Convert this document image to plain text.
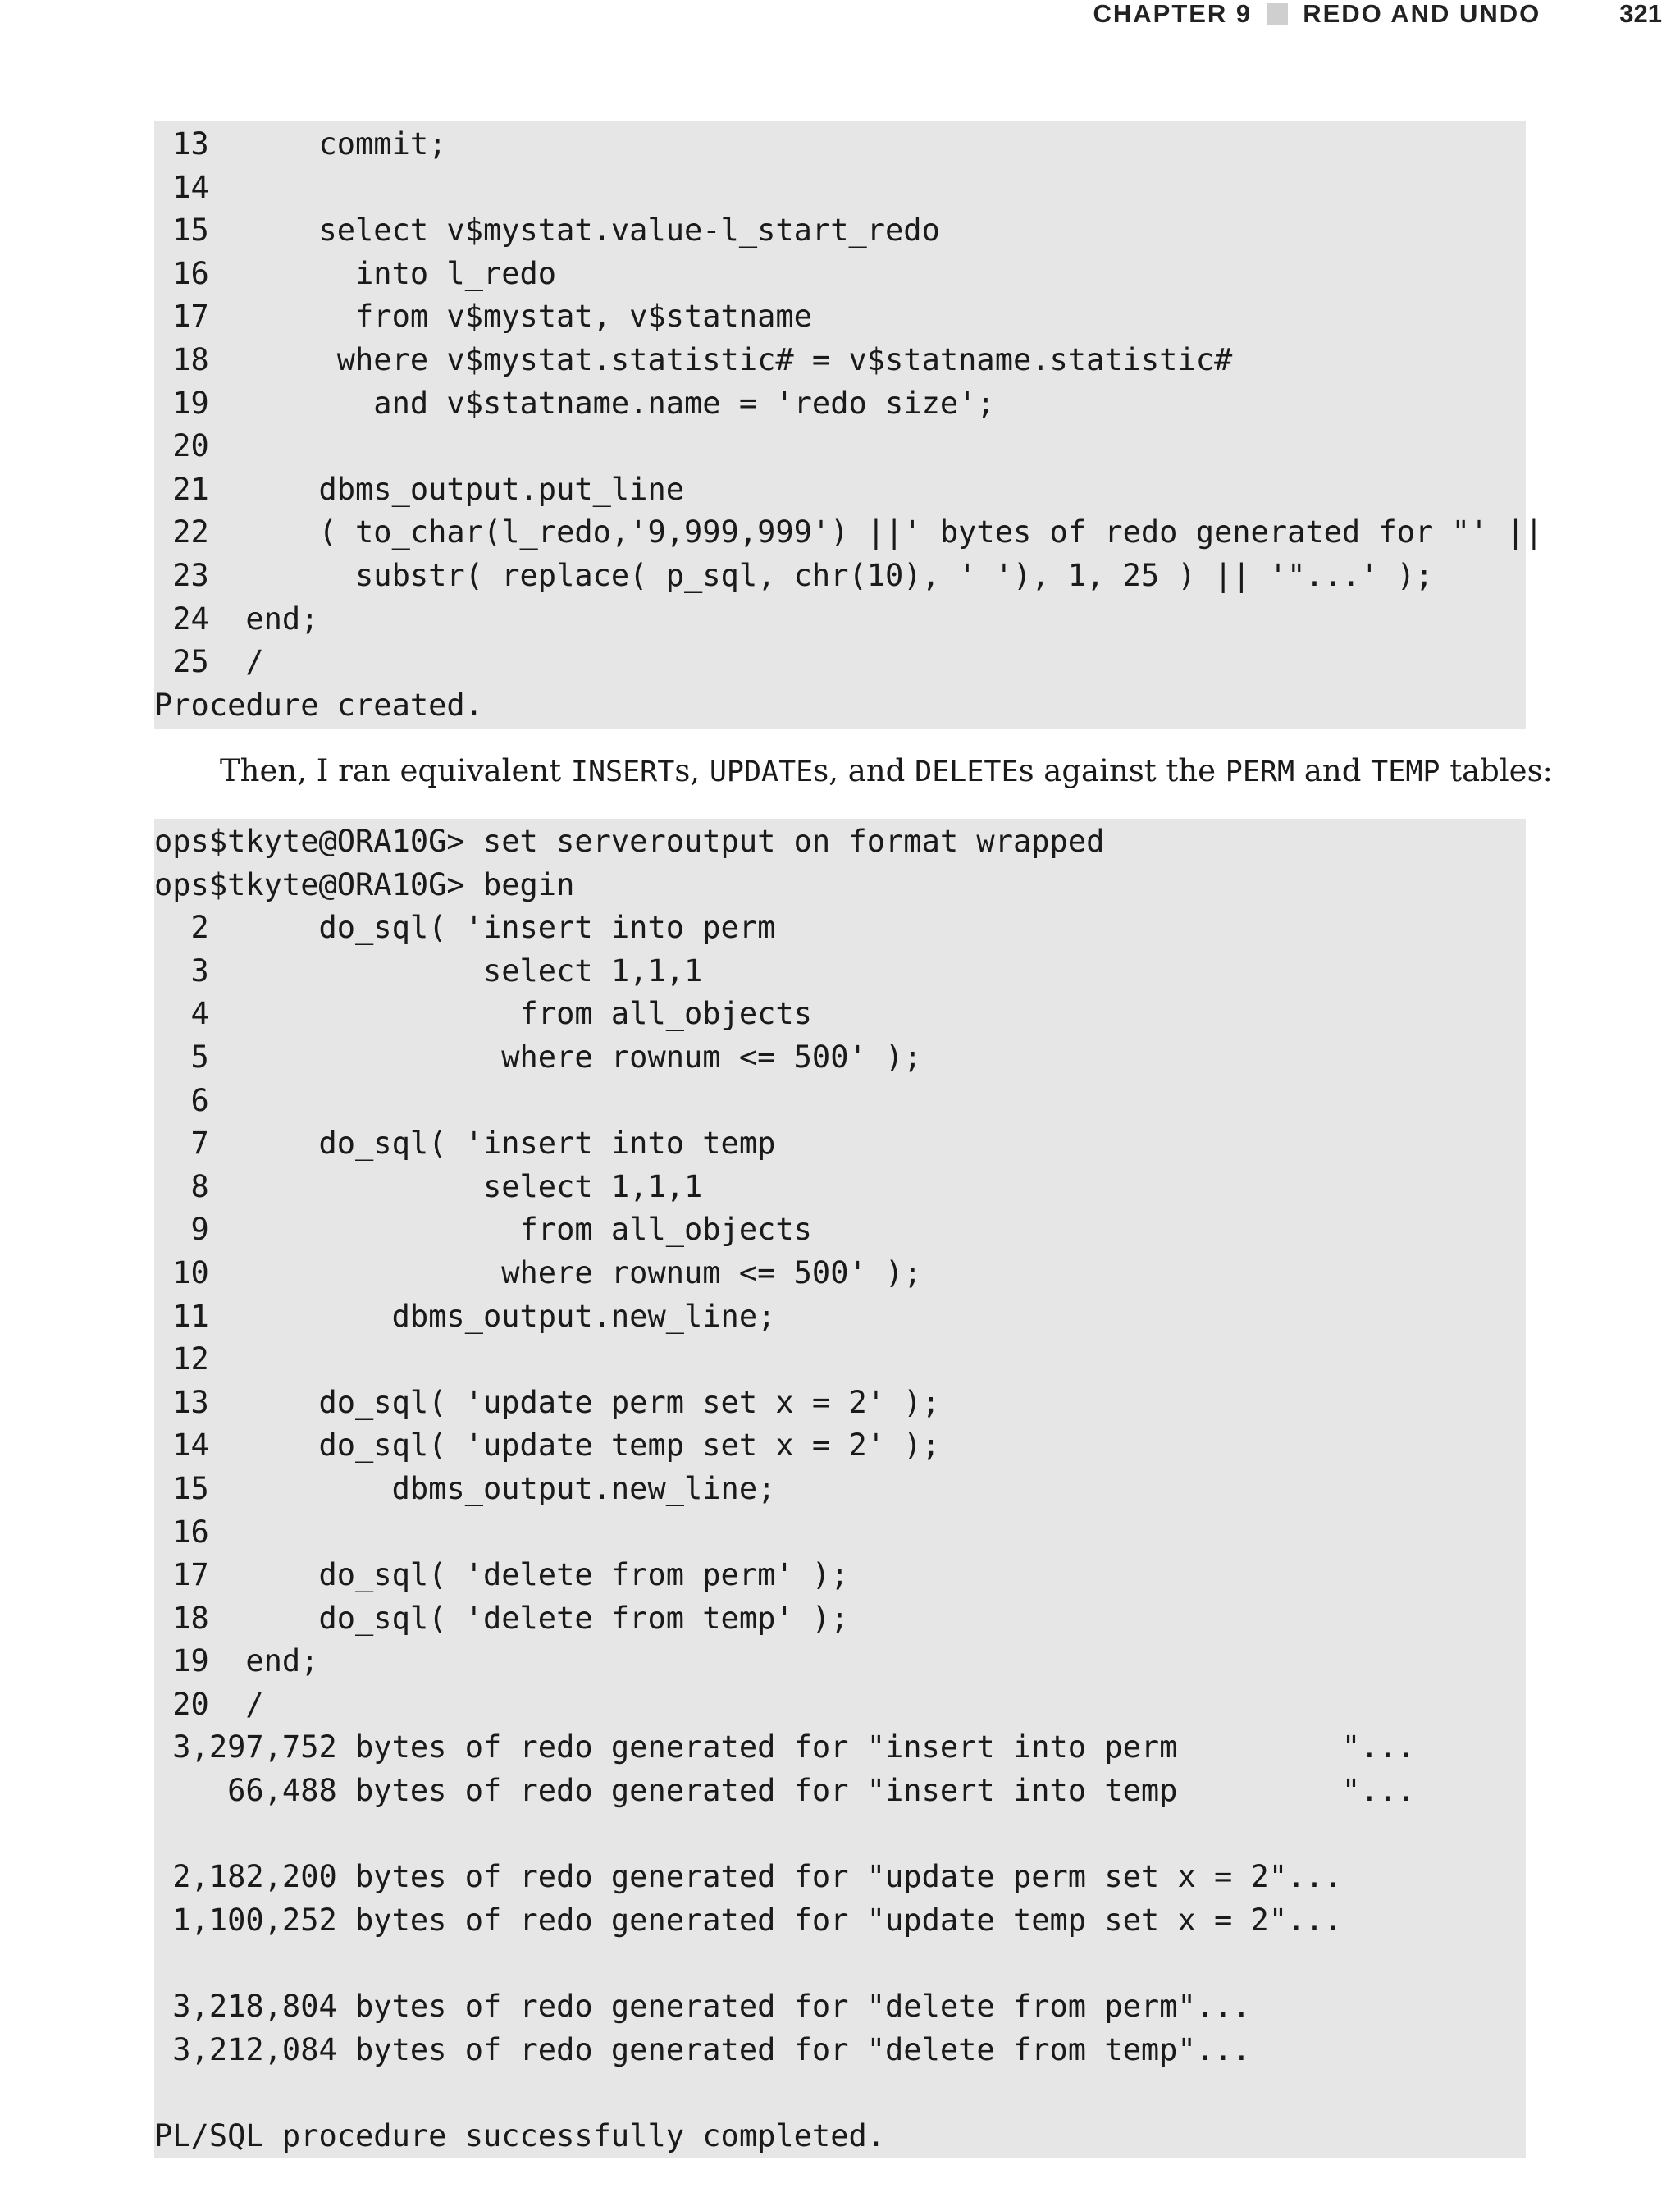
CHAPTER 9 REDO AND UNDO	321
13      commit;
14
15      select v$mystat.value-l_start_redo
16        into l_redo
17        from v$mystat, v$statname
18       where v$mystat.statistic# = v$statname.statistic#
19         and v$statname.name = 'redo size';
20
21      dbms_output.put_line
22      ( to_char(l_redo,'9,999,999') ||' bytes of redo generated for "' ||
23        substr( replace( p_sql, chr(10), ' '), 1, 25 ) || '"...' );
24  end;
25  /
Procedure created.

Then, I ran equivalent INSERTs, UPDATEs, and DELETEs against the PERM and TEMP tables:

ops$tkyte@ORA10G> set serveroutput on format wrapped
ops$tkyte@ORA10G> begin
2      do_sql( 'insert into perm
3               select 1,1,1
4                 from all_objects
5                where rownum <= 500' );
6
7      do_sql( 'insert into temp
8               select 1,1,1
9                 from all_objects
10                where rownum <= 500' );
11          dbms_output.new_line;
12
13      do_sql( 'update perm set x = 2' );
14      do_sql( 'update temp set x = 2' );
15          dbms_output.new_line;
16
17      do_sql( 'delete from perm' );
18      do_sql( 'delete from temp' );
19  end;
20  /
3,297,752 bytes of redo generated for "insert into perm         "...
66,488 bytes of redo generated for "insert into temp         "...

2,182,200 bytes of redo generated for "update perm set x = 2"...
1,100,252 bytes of redo generated for "update temp set x = 2"...

3,218,804 bytes of redo generated for "delete from perm"...
3,212,084 bytes of redo generated for "delete from temp"...

PL/SQL procedure successfully completed.
